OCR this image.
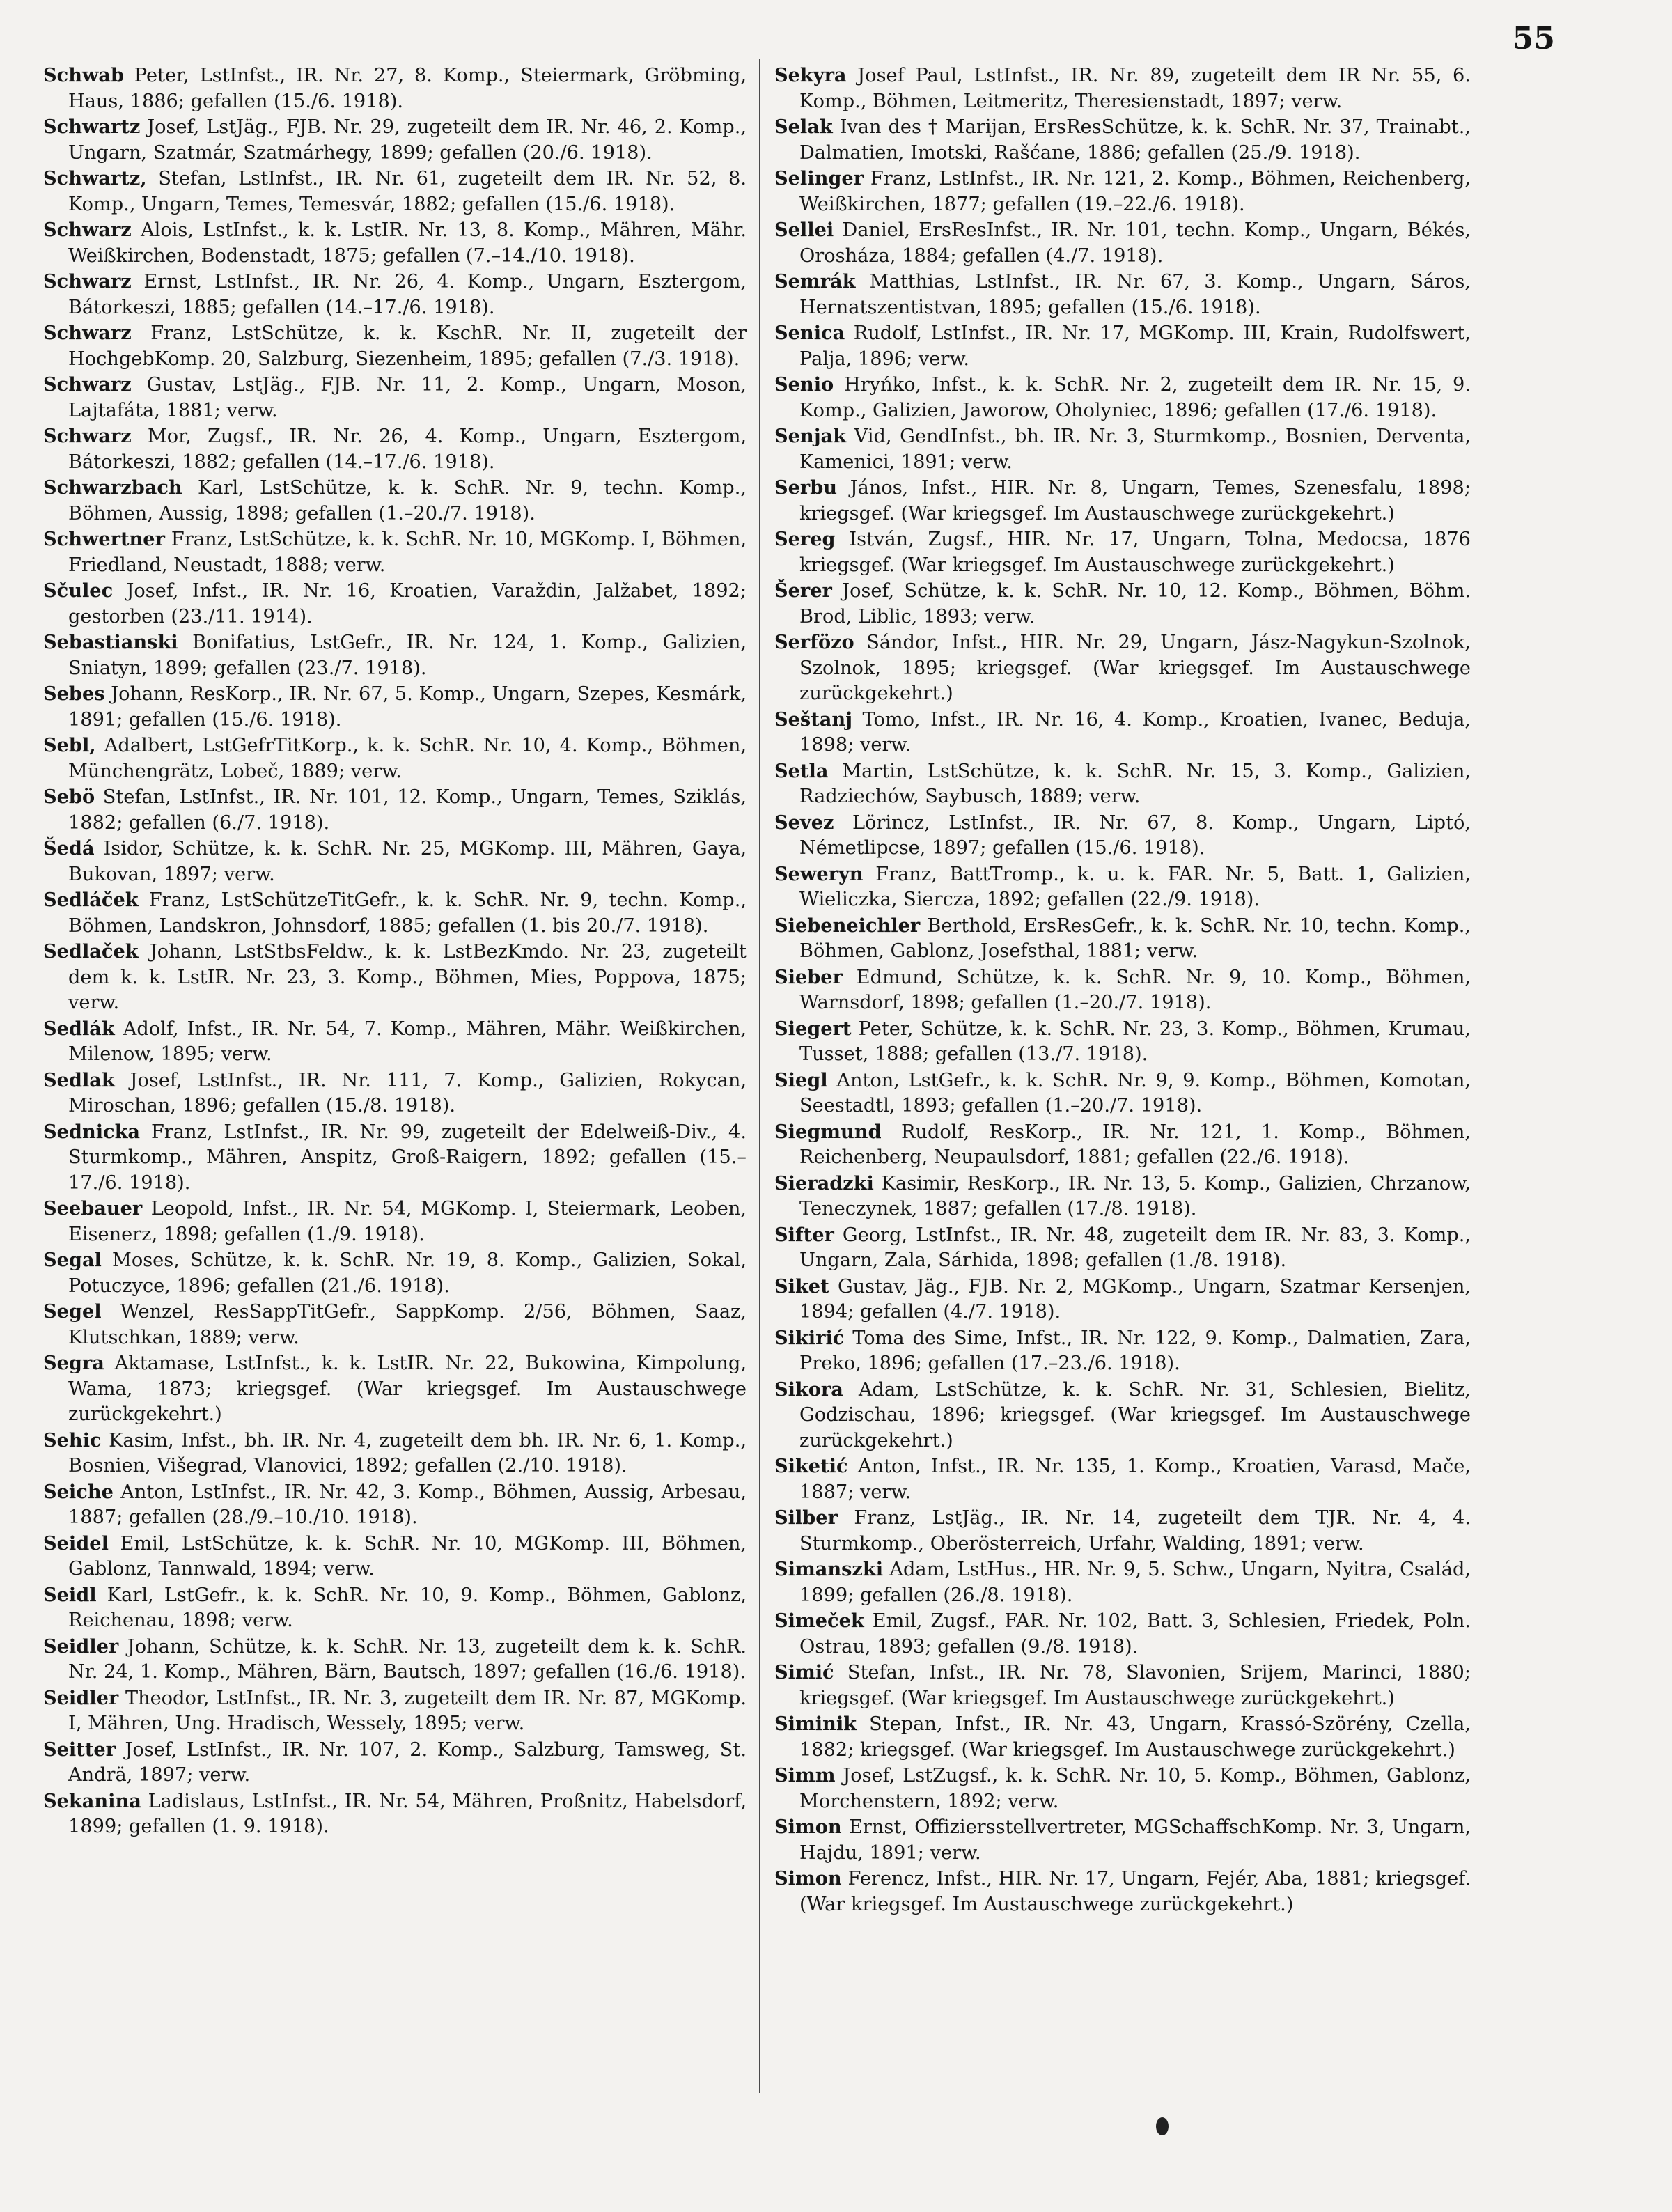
55

Schwab Peter, LstInfst., IR. Nr. 27, 8. Komp., Steiermark, Gröbming, Haus, 1886; gefallen (15./6. 1918).

Schwartz Josef, LstJäg., FJB. Nr. 29, zugeteilt dem IR. Nr. 46, 2. Komp., Ungarn, Szatmár, Szatmárhegy, 1899; gefallen (20./6. 1918).

Schwartz, Stefan, LstInfst., IR. Nr. 61, zugeteilt dem IR. Nr. 52, 8. Komp., Ungarn, Temes, Temesvár, 1882; gefallen (15./6. 1918).

Schwarz Alois, LstInfst., k. k. LstIR. Nr. 13, 8. Komp., Mähren, Mähr. Weißkirchen, Bodenstadt, 1875; gefallen (7.–14./10. 1918).

Schwarz Ernst, LstInfst., IR. Nr. 26, 4. Komp., Ungarn, Esztergom, Bátorkeszi, 1885; gefallen (14.–17./6. 1918).

Schwarz Franz, LstSchütze, k. k. KschR. Nr. II, zugeteilt der HochgebKomp. 20, Salzburg, Siezenheim, 1895; gefallen (7./3. 1918).

Schwarz Gustav, LstJäg., FJB. Nr. 11, 2. Komp., Ungarn, Moson, Lajtafáta, 1881; verw.

Schwarz Mor, Zugsf., IR. Nr. 26, 4. Komp., Ungarn, Esztergom, Bátorkeszi, 1882; gefallen (14.–17./6. 1918).

Schwarzbach Karl, LstSchütze, k. k. SchR. Nr. 9, techn. Komp., Böhmen, Aussig, 1898; gefallen (1.–20./7. 1918).

Schwertner Franz, LstSchütze, k. k. SchR. Nr. 10, MGKomp. I, Böhmen, Friedland, Neustadt, 1888; verw.

Sčulec Josef, Infst., IR. Nr. 16, Kroatien, Varaždin, Jalžabet, 1892; gestorben (23./11. 1914).

Sebastianski Bonifatius, LstGefr., IR. Nr. 124, 1. Komp., Galizien, Sniatyn, 1899; gefallen (23./7. 1918).

Sebes Johann, ResKorp., IR. Nr. 67, 5. Komp., Ungarn, Szepes, Kesmárk, 1891; gefallen (15./6. 1918).

Sebl, Adalbert, LstGefrTitKorp., k. k. SchR. Nr. 10, 4. Komp., Böhmen, Münchengrätz, Lobeč, 1889; verw.

Sebö Stefan, LstInfst., IR. Nr. 101, 12. Komp., Ungarn, Temes, Sziklás, 1882; gefallen (6./7. 1918).

Šedá Isidor, Schütze, k. k. SchR. Nr. 25, MGKomp. III, Mähren, Gaya, Bukovan, 1897; verw.

Sedláček Franz, LstSchützeTitGefr., k. k. SchR. Nr. 9, techn. Komp., Böhmen, Landskron, Johnsdorf, 1885; gefallen (1. bis 20./7. 1918).

Sedlaček Johann, LstStbsFeldw., k. k. LstBezKmdo. Nr. 23, zugeteilt dem k. k. LstIR. Nr. 23, 3. Komp., Böhmen, Mies, Poppova, 1875; verw.

Sedlák Adolf, Infst., IR. Nr. 54, 7. Komp., Mähren, Mähr. Weißkirchen, Milenow, 1895; verw.

Sedlak Josef, LstInfst., IR. Nr. 111, 7. Komp., Galizien, Rokycan, Miroschan, 1896; gefallen (15./8. 1918).

Sednicka Franz, LstInfst., IR. Nr. 99, zugeteilt der Edelweiß-Div., 4. Sturmkomp., Mähren, Anspitz, Groß-Raigern, 1892; gefallen (15.–17./6. 1918).

Seebauer Leopold, Infst., IR. Nr. 54, MGKomp. I, Steiermark, Leoben, Eisenerz, 1898; gefallen (1./9. 1918).

Segal Moses, Schütze, k. k. SchR. Nr. 19, 8. Komp., Galizien, Sokal, Potuczyce, 1896; gefallen (21./6. 1918).

Segel Wenzel, ResSappTitGefr., SappKomp. 2/56, Böhmen, Saaz, Klutschkan, 1889; verw.

Segra Aktamase, LstInfst., k. k. LstIR. Nr. 22, Bukowina, Kimpolung, Wama, 1873; kriegsgef. (War kriegsgef. Im Austauschwege zurückgekehrt.)

Sehic Kasim, Infst., bh. IR. Nr. 4, zugeteilt dem bh. IR. Nr. 6, 1. Komp., Bosnien, Višegrad, Vlanovici, 1892; gefallen (2./10. 1918).

Seiche Anton, LstInfst., IR. Nr. 42, 3. Komp., Böhmen, Aussig, Arbesau, 1887; gefallen (28./9.–10./10. 1918).

Seidel Emil, LstSchütze, k. k. SchR. Nr. 10, MGKomp. III, Böhmen, Gablonz, Tannwald, 1894; verw.

Seidl Karl, LstGefr., k. k. SchR. Nr. 10, 9. Komp., Böhmen, Gablonz, Reichenau, 1898; verw.

Seidler Johann, Schütze, k. k. SchR. Nr. 13, zugeteilt dem k. k. SchR. Nr. 24, 1. Komp., Mähren, Bärn, Bautsch, 1897; gefallen (16./6. 1918).

Seidler Theodor, LstInfst., IR. Nr. 3, zugeteilt dem IR. Nr. 87, MGKomp. I, Mähren, Ung. Hradisch, Wessely, 1895; verw.

Seitter Josef, LstInfst., IR. Nr. 107, 2. Komp., Salzburg, Tamsweg, St. Andrä, 1897; verw.

Sekanina Ladislaus, LstInfst., IR. Nr. 54, Mähren, Proßnitz, Habelsdorf, 1899; gefallen (1. 9. 1918).

Sekyra Josef Paul, LstInfst., IR. Nr. 89, zugeteilt dem IR Nr. 55, 6. Komp., Böhmen, Leitmeritz, Theresienstadt, 1897; verw.

Selak Ivan des † Marijan, ErsResSchütze, k. k. SchR. Nr. 37, Trainabt., Dalmatien, Imotski, Rašćane, 1886; gefallen (25./9. 1918).

Selinger Franz, LstInfst., IR. Nr. 121, 2. Komp., Böhmen, Reichenberg, Weißkirchen, 1877; gefallen (19.–22./6. 1918).

Sellei Daniel, ErsResInfst., IR. Nr. 101, techn. Komp., Ungarn, Békés, Orosháza, 1884; gefallen (4./7. 1918).

Semrák Matthias, LstInfst., IR. Nr. 67, 3. Komp., Ungarn, Sáros, Hernatszentistvan, 1895; gefallen (15./6. 1918).

Senica Rudolf, LstInfst., IR. Nr. 17, MGKomp. III, Krain, Rudolfswert, Palja, 1896; verw.

Senio Hryńko, Infst., k. k. SchR. Nr. 2, zugeteilt dem IR. Nr. 15, 9. Komp., Galizien, Jaworow, Oholyniec, 1896; gefallen (17./6. 1918).

Senjak Vid, GendInfst., bh. IR. Nr. 3, Sturmkomp., Bosnien, Derventa, Kamenici, 1891; verw.

Serbu János, Infst., HIR. Nr. 8, Ungarn, Temes, Szenesfalu, 1898; kriegsgef. (War kriegsgef. Im Austauschwege zurückgekehrt.)

Sereg István, Zugsf., HIR. Nr. 17, Ungarn, Tolna, Medocsa, 1876 kriegsgef. (War kriegsgef. Im Austauschwege zurückgekehrt.)

Šerer Josef, Schütze, k. k. SchR. Nr. 10, 12. Komp., Böhmen, Böhm. Brod, Liblic, 1893; verw.

Serfözo Sándor, Infst., HIR. Nr. 29, Ungarn, Jász-Nagykun-Szolnok, Szolnok, 1895; kriegsgef. (War kriegsgef. Im Austauschwege zurückgekehrt.)

Seštanj Tomo, Infst., IR. Nr. 16, 4. Komp., Kroatien, Ivanec, Beduja, 1898; verw.

Setla Martin, LstSchütze, k. k. SchR. Nr. 15, 3. Komp., Galizien, Radziechów, Saybusch, 1889; verw.

Sevez Lörincz, LstInfst., IR. Nr. 67, 8. Komp., Ungarn, Liptó, Németlipcse, 1897; gefallen (15./6. 1918).

Seweryn Franz, BattTromp., k. u. k. FAR. Nr. 5, Batt. 1, Galizien, Wieliczka, Siercza, 1892; gefallen (22./9. 1918).

Siebeneichler Berthold, ErsResGefr., k. k. SchR. Nr. 10, techn. Komp., Böhmen, Gablonz, Josefsthal, 1881; verw.

Sieber Edmund, Schütze, k. k. SchR. Nr. 9, 10. Komp., Böhmen, Warnsdorf, 1898; gefallen (1.–20./7. 1918).

Siegert Peter, Schütze, k. k. SchR. Nr. 23, 3. Komp., Böhmen, Krumau, Tusset, 1888; gefallen (13./7. 1918).

Siegl Anton, LstGefr., k. k. SchR. Nr. 9, 9. Komp., Böhmen, Komotan, Seestadtl, 1893; gefallen (1.–20./7. 1918).

Siegmund Rudolf, ResKorp., IR. Nr. 121, 1. Komp., Böhmen, Reichenberg, Neupaulsdorf, 1881; gefallen (22./6. 1918).

Sieradzki Kasimir, ResKorp., IR. Nr. 13, 5. Komp., Galizien, Chrzanow, Teneczynek, 1887; gefallen (17./8. 1918).

Sifter Georg, LstInfst., IR. Nr. 48, zugeteilt dem IR. Nr. 83, 3. Komp., Ungarn, Zala, Sárhida, 1898; gefallen (1./8. 1918).

Siket Gustav, Jäg., FJB. Nr. 2, MGKomp., Ungarn, Szatmar Kersenjen, 1894; gefallen (4./7. 1918).

Sikirić Toma des Sime, Infst., IR. Nr. 122, 9. Komp., Dalmatien, Zara, Preko, 1896; gefallen (17.–23./6. 1918).

Sikora Adam, LstSchütze, k. k. SchR. Nr. 31, Schlesien, Bielitz, Godzischau, 1896; kriegsgef. (War kriegsgef. Im Austauschwege zurückgekehrt.)

Siketić Anton, Infst., IR. Nr. 135, 1. Komp., Kroatien, Varasd, Mače, 1887; verw.

Silber Franz, LstJäg., IR. Nr. 14, zugeteilt dem TJR. Nr. 4, 4. Sturmkomp., Oberösterreich, Urfahr, Walding, 1891; verw.

Simanszki Adam, LstHus., HR. Nr. 9, 5. Schw., Ungarn, Nyitra, Család, 1899; gefallen (26./8. 1918).

Simeček Emil, Zugsf., FAR. Nr. 102, Batt. 3, Schlesien, Friedek, Poln. Ostrau, 1893; gefallen (9./8. 1918).

Simić Stefan, Infst., IR. Nr. 78, Slavonien, Srijem, Marinci, 1880; kriegsgef. (War kriegsgef. Im Austauschwege zurückgekehrt.)

Siminik Stepan, Infst., IR. Nr. 43, Ungarn, Krassó-Szörény, Czella, 1882; kriegsgef. (War kriegsgef. Im Austauschwege zurückgekehrt.)

Simm Josef, LstZugsf., k. k. SchR. Nr. 10, 5. Komp., Böhmen, Gablonz, Morchenstern, 1892; verw.

Simon Ernst, Offiziersstellvertreter, MGSchaffschKomp. Nr. 3, Ungarn, Hajdu, 1891; verw.

Simon Ferencz, Infst., HIR. Nr. 17, Ungarn, Fejér, Aba, 1881; kriegsgef. (War kriegsgef. Im Austauschwege zurückgekehrt.)
